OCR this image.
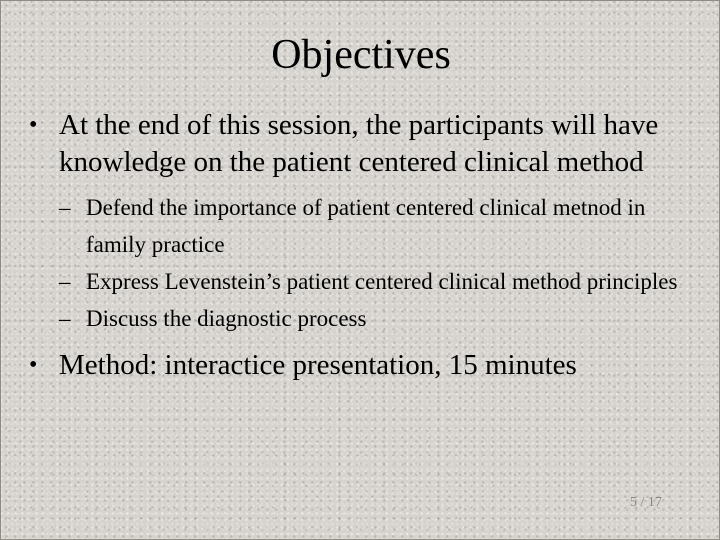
Objectives
• At the end of this session, the participants will have knowledge on the patient centered clinical method
– Defend the importance of patient centered clinical metnod in family practice
– Express Levenstein’s patient centered clinical method principles
– Discuss the diagnostic process
• Method: interactice presentation, 15 minutes
5 / 17
